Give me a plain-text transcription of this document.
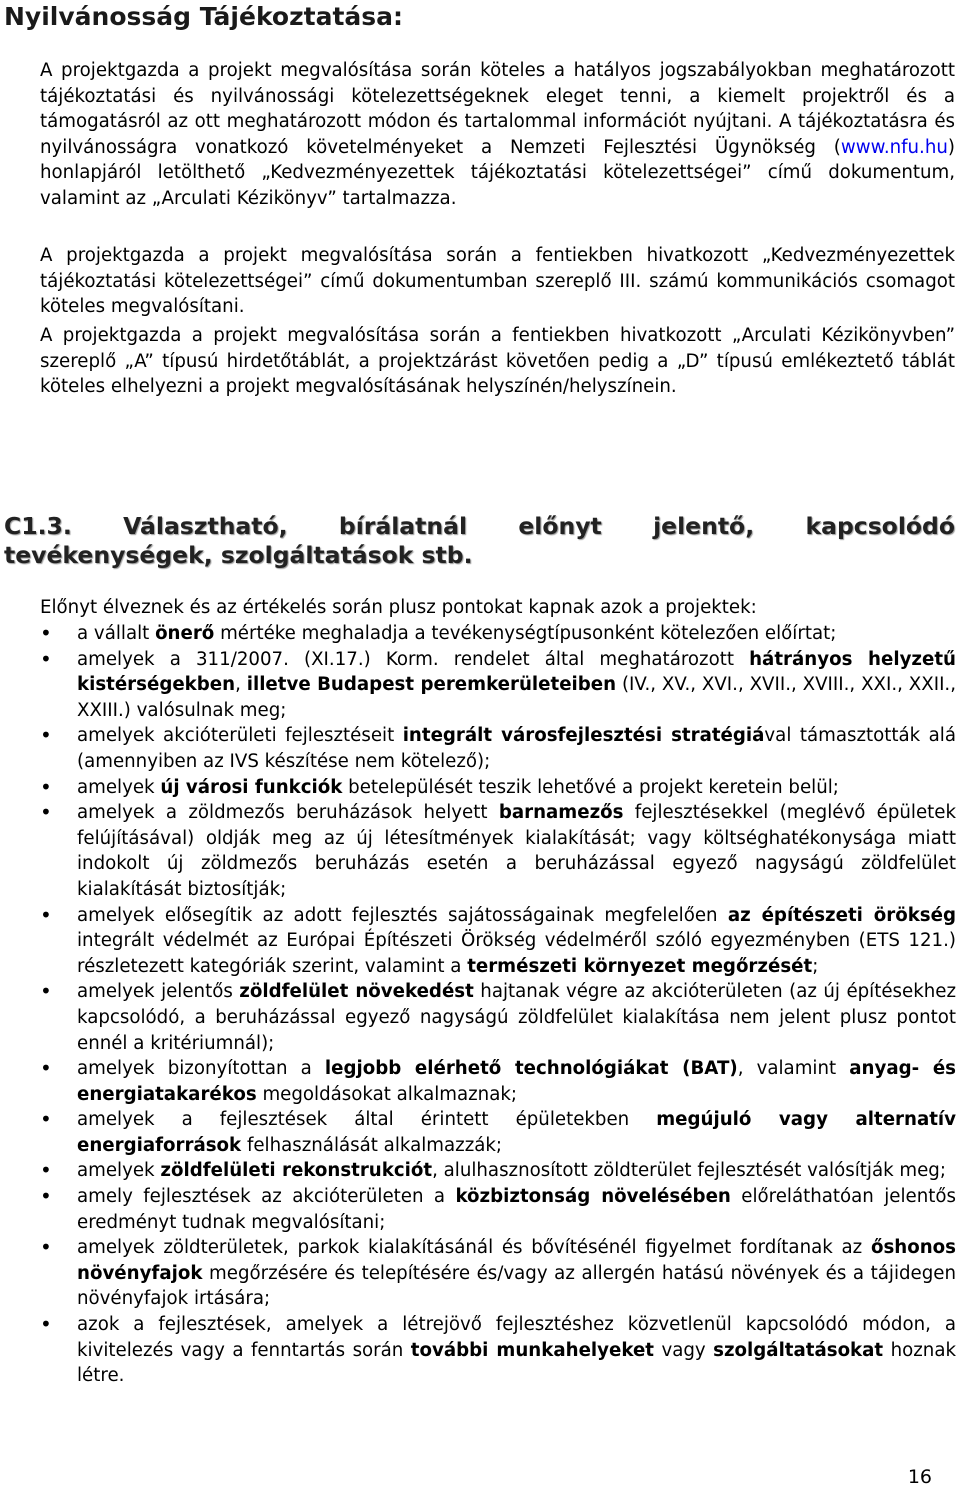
Nyilvánosság Tájékoztatása:

A projektgazda a projekt megvalósítása során köteles a hatályos jogszabályokban meghatározott tájékoztatási és nyilvánossági kötelezettségeknek eleget tenni, a kiemelt projektről és a támogatásról az ott meghatározott módon és tartalommal információt nyújtani. A tájékoztatásra és nyilvánosságra vonatkozó követelményeket a Nemzeti Fejlesztési Ügynökség (www.nfu.hu) honlapjáról letölthető „Kedvezményezettek tájékoztatási kötelezettségei” című dokumentum, valamint az „Arculati Kézikönyv” tartalmazza.

A projektgazda a projekt megvalósítása során a fentiekben hivatkozott „Kedvezményezettek tájékoztatási kötelezettségei” című dokumentumban szereplő III. számú kommunikációs csomagot köteles megvalósítani.

A projektgazda a projekt megvalósítása során a fentiekben hivatkozott „Arculati Kézikönyvben” szereplő „A” típusú hirdetőtáblát, a projektzárást követően pedig a „D” típusú emlékeztető táblát köteles elhelyezni a projekt megvalósításának helyszínén/helyszínein.

C1.3. Választható, bírálatnál előnyt jelentő, kapcsolódó tevékenységek, szolgáltatások stb.

Előnyt élveznek és az értékelés során plusz pontokat kapnak azok a projektek:

• a vállalt önerő mértéke meghaladja a tevékenységtípusonként kötelezően előírtat;
• amelyek a 311/2007. (XI.17.) Korm. rendelet által meghatározott hátrányos helyzetű kistérségekben, illetve Budapest peremkerületeiben (IV., XV., XVI., XVII., XVIII., XXI., XXII., XXIII.) valósulnak meg;
• amelyek akcióterületi fejlesztéseit integrált városfejlesztési stratégiával támasztották alá (amennyiben az IVS készítése nem kötelező);
• amelyek új városi funkciók betelepülését teszik lehetővé a projekt keretein belül;
• amelyek a zöldmezős beruházások helyett barnamezős fejlesztésekkel (meglévő épületek felújításával) oldják meg az új létesítmények kialakítását; vagy költséghatékonysága miatt indokolt új zöldmezős beruházás esetén a beruházással egyező nagyságú zöldfelület kialakítását biztosítják;
• amelyek elősegítik az adott fejlesztés sajátosságainak megfelelően az építészeti örökség integrált védelmét az Európai Építészeti Örökség védelméről szóló egyezményben (ETS 121.) részletezett kategóriák szerint, valamint a természeti környezet megőrzését;
• amelyek jelentős zöldfelület növekedést hajtanak végre az akcióterületen (az új építésekhez kapcsolódó, a beruházással egyező nagyságú zöldfelület kialakítása nem jelent plusz pontot ennél a kritériumnál);
• amelyek bizonyítottan a legjobb elérhető technológiákat (BAT), valamint anyag- és energiatakarékos megoldásokat alkalmaznak;
• amelyek a fejlesztések által érintett épületekben megújuló vagy alternatív energiaforrások felhasználását alkalmazzák;
• amelyek zöldfelületi rekonstrukciót, alulhasznosított zöldterület fejlesztését valósítják meg;
• amely fejlesztések az akcióterületen a közbiztonság növelésében előreláthatóan jelentős eredményt tudnak megvalósítani;
• amelyek zöldterületek, parkok kialakításánál és bővítésénél figyelmet fordítanak az őshonos növényfajok megőrzésére és telepítésére és/vagy az allergén hatású növények és a tájidegen növényfajok irtására;
• azok a fejlesztések, amelyek a létrejövő fejlesztéshez közvetlenül kapcsolódó módon, a kivitelezés vagy a fenntartás során további munkahelyeket vagy szolgáltatásokat hoznak létre.
16
